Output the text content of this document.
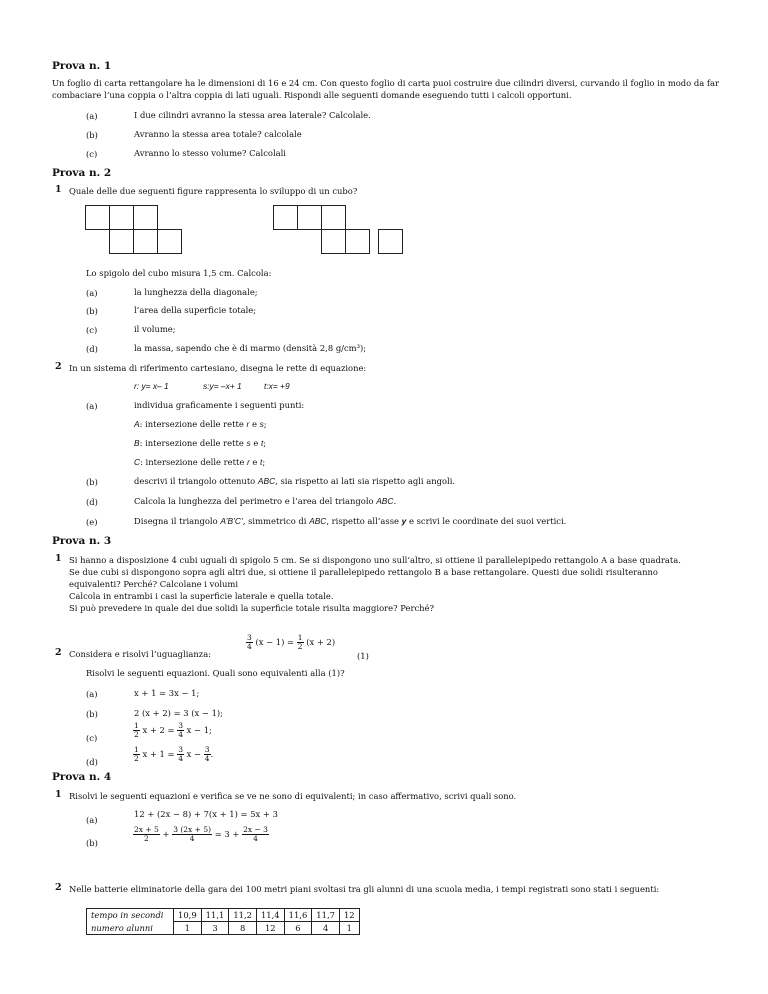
Prova n. 1
Un foglio di carta rettangolare ha le dimensioni di 16 e 24 cm. Con questo foglio di carta puoi costruire due cilindri diversi, curvando il foglio in modo da far
combaciare l’una coppia o l’altra coppia di lati uguali. Rispondi alle seguenti domande eseguendo tutti i calcoli opportuni.
(a)	I due cilindri avranno la stessa area laterale? Calcolale.
(b)	Avranno la stessa area totale? calcolale
(c)	Avranno lo stesso volume? Calcolali
Prova n. 2
1 Quale delle due seguenti figure rappresenta lo sviluppo di un cubo?
Lo spigolo del cubo misura 1,5 cm. Calcola:
(a)	la lunghezza della diagonale;
(b)	l’area della superficie totale;
(c)	il volume;
(d)	la massa, sapendo che è di marmo (densità 2,8 g/cm³);
2 In un sistema di riferimento cartesiano, disegna le rette di equazione:
r: y= x– 1	s:y= –x+ 1	t:x= +9
(a)	individua graficamente i seguenti punti:
A: intersezione delle rette r e s;
B: intersezione delle rette s e t;
C: intersezione delle rette r e t;
(b)	descrivi il triangolo ottenuto ABC, sia rispetto ai lati sia rispetto agli angoli.
(d)	Calcola la lunghezza del perimetro e l’area del triangolo ABC.
(e)	Disegna il triangolo A’B’C’, simmetrico di ABC, rispetto all’asse y e scrivi le coordinate dei suoi vertici.
Prova n. 3
1 Si hanno a disposizione 4 cubi uguali di spigolo 5 cm. Se si dispongono uno sull’altro, si ottiene il parallelepipedo rettangolo A a base quadrata.
Se due cubi si dispongono sopra agli altri due, si ottiene il parallelepipedo rettangolo B a base rettangolare. Questi due solidi risulteranno
equivalenti? Perché? Calcolane i volumi
Calcola in entrambi i casi la superficie laterale e quella totale.
Si può prevedere in quale dei due solidi la superficie totale risulta maggiore? Perché?
2 Considera e risolvi l’uguaglianza:
$\frac{3}{4} (x - 1) = \frac{1}{2} (x + 2)$
(1)
Risolvi le seguenti equazioni. Quali sono equivalenti alla (1)?
(a)	x + 1 = 3x − 1;
(b)	2 (x + 2) = 3 (x − 1);
(c)	$\frac{1}{2}$ $x + 2 = \frac{3}{4}$ x − 1;
(d)	$\frac{1}{2}$ $x + 1 = \frac{3}{4}$ $x - \frac{3}{4}$ .
Prova n. 4
1 Risolvi le seguenti equazioni e verifica se ve ne sono di equivalenti; in caso affermativo, scrivi quali sono.
(a)
12 + (2x − 8) + 7(x + 1) = 5x + 3
(b)	$\frac{2x + 5}{2} + \frac{3 (2x + 5)}{4} = 3 + \frac{2x - 3}{4}$
2 Nelle batterie eliminatorie della gara dei 100 metri piani svoltasi tra gli alunni di una scuola media, i tempi registrati sono stati i seguenti:
tempo in secondi	10,9	11,1	11,2	11,4	11,6	11,7	12
numero alunni	1	3	8	12	6	4	1
